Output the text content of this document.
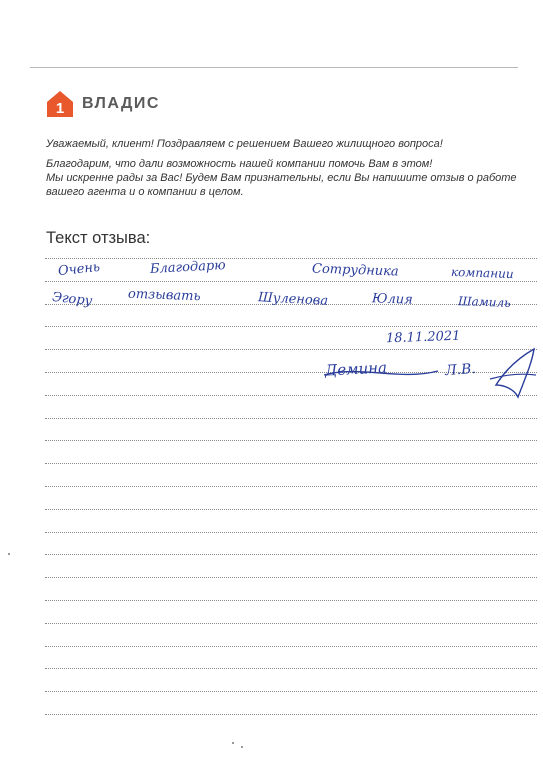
1 ВЛАДИС
Уважаемый, клиент! Поздравляем с решением Вашего жилищного вопроса!
Благодарим, что дали возможность нашей компании помочь Вам в этом!
Мы искренне рады за Вас! Будем Вам признательны, если Вы напишите отзыв о работе
вашего агента и о компании в целом.
Текст отзыва:
Очень	Благодарю	Сотрудника	компании
Эгору	отзывать	Шуленова	Юлия	Шамиль
18.11.2021
Демина	Л.В.
